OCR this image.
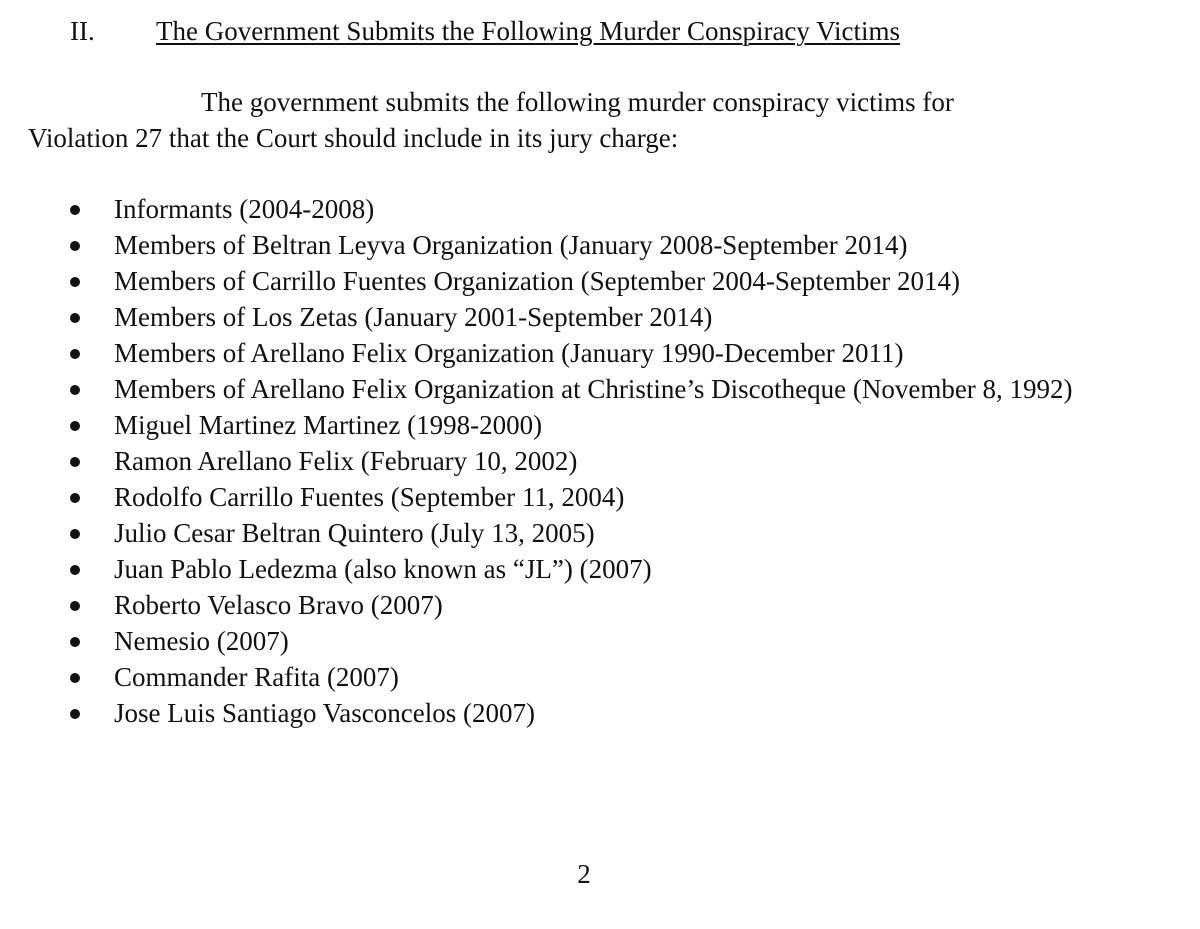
II. The Government Submits the Following Murder Conspiracy Victims
The government submits the following murder conspiracy victims for
Violation 27 that the Court should include in its jury charge:
Informants (2004-2008)
Members of Beltran Leyva Organization (January 2008-September 2014)
Members of Carrillo Fuentes Organization (September 2004-September 2014)
Members of Los Zetas (January 2001-September 2014)
Members of Arellano Felix Organization (January 1990-December 2011)
Members of Arellano Felix Organization at Christine’s Discotheque (November 8, 1992)
Miguel Martinez Martinez (1998-2000)
Ramon Arellano Felix (February 10, 2002)
Rodolfo Carrillo Fuentes (September 11, 2004)
Julio Cesar Beltran Quintero (July 13, 2005)
Juan Pablo Ledezma (also known as “JL”) (2007)
Roberto Velasco Bravo (2007)
Nemesio (2007)
Commander Rafita (2007)
Jose Luis Santiago Vasconcelos (2007)
2
